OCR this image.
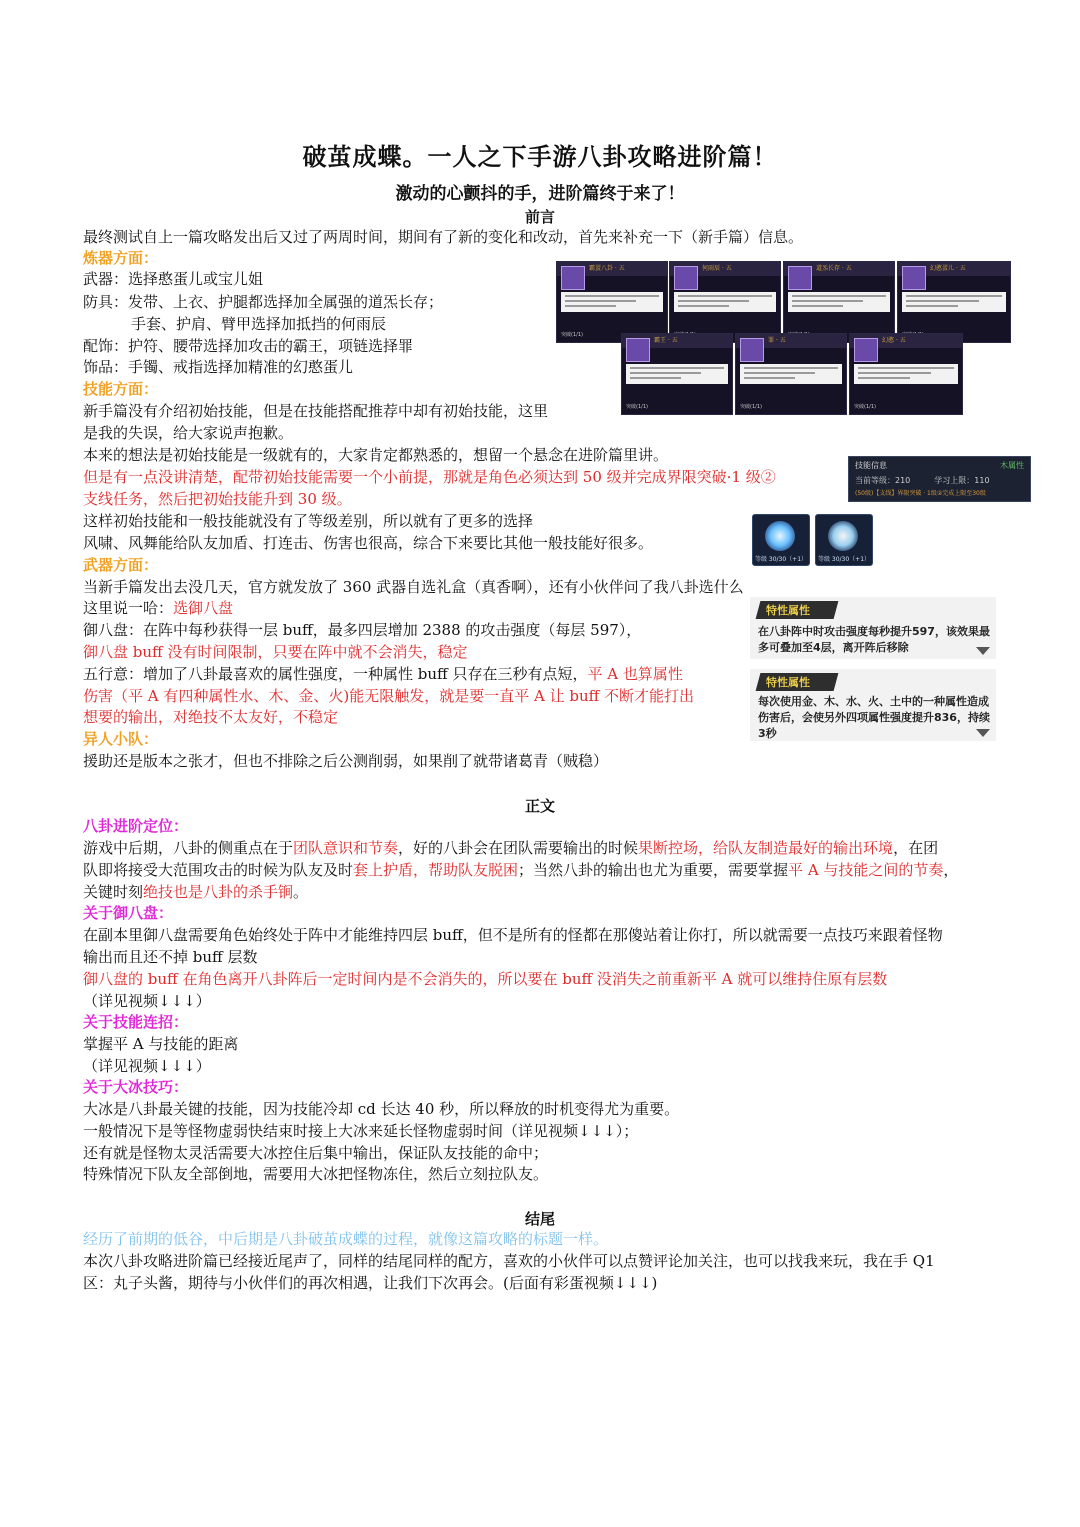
破茧成蝶。一人之下手游八卦攻略进阶篇！
激动的心颤抖的手，进阶篇终于来了！
前言
最终测试自上一篇攻略发出后又过了两周时间，期间有了新的变化和改动，首先来补充一下（新手篇）信息。
炼器方面：
武器：选择憨蛋儿或宝儿姐
防具：发带、上衣、护腿都选择加全属强的道炁长存；
手套、护肩、臂甲选择加抵挡的何雨辰
配饰：护符、腰带选择加攻击的霸王，项链选择罪
饰品：手镯、戒指选择加精准的幻憨蛋儿
技能方面：
新手篇没有介绍初始技能，但是在技能搭配推荐中却有初始技能，这里
是我的失误，给大家说声抱歉。
本来的想法是初始技能是一级就有的，大家肯定都熟悉的，想留一个悬念在进阶篇里讲。
但是有一点没讲清楚，配带初始技能需要一个小前提，那就是角色必须达到 50 级并完成界限突破·1 级②
支线任务，然后把初始技能升到 30 级。
这样初始技能和一般技能就没有了等级差别，所以就有了更多的选择
风啸、风舞能给队友加盾、打连击、伤害也很高，综合下来要比其他一般技能好很多。
武器方面：
当新手篇发出去没几天，官方就发放了 360 武器自选礼盒（真香啊），还有小伙伴问了我八卦选什么
这里说一哈：选御八盘
御八盘：在阵中每秒获得一层 buff，最多四层增加 2388 的攻击强度（每层 597），
御八盘 buff 没有时间限制，只要在阵中就不会消失，稳定
五行意：增加了八卦最喜欢的属性强度，一种属性 buff 只存在三秒有点短，平 A 也算属性
伤害（平 A 有四种属性水、木、金、火)能无限触发，就是要一直平 A 让 buff 不断才能打出
想要的输出，对绝技不太友好，不稳定
异人小队：
援助还是版本之张才，但也不排除之后公测削弱，如果削了就带诸葛青（贼稳）
正文
八卦进阶定位：
游戏中后期，八卦的侧重点在于团队意识和节奏，好的八卦会在团队需要输出的时候果断控场，给队友制造最好的输出环境，在团
队即将接受大范围攻击的时候为队友及时套上护盾，帮助队友脱困；当然八卦的输出也尤为重要，需要掌握平 A 与技能之间的节奏，
关键时刻绝技也是八卦的杀手锏。
关于御八盘：
在副本里御八盘需要角色始终处于阵中才能维持四层 buff，但不是所有的怪都在那傻站着让你打，所以就需要一点技巧来跟着怪物
输出而且还不掉 buff 层数
御八盘的 buff 在角色离开八卦阵后一定时间内是不会消失的，所以要在 buff 没消失之前重新平 A 就可以维持住原有层数
（详见视频↓↓↓）
关于技能连招：
掌握平 A 与技能的距离
（详见视频↓↓↓）
关于大冰技巧：
大冰是八卦最关键的技能，因为技能冷却 cd 长达 40 秒，所以释放的时机变得尤为重要。
一般情况下是等怪物虚弱快结束时接上大冰来延长怪物虚弱时间（详见视频↓↓↓）；
还有就是怪物太灵活需要大冰控住后集中输出，保证队友技能的命中；
特殊情况下队友全部倒地，需要用大冰把怪物冻住，然后立刻拉队友。
结尾
经历了前期的低谷，中后期是八卦破茧成蝶的过程，就像这篇攻略的标题一样。
本次八卦攻略进阶篇已经接近尾声了，同样的结尾同样的配方，喜欢的小伙伴可以点赞评论加关注，也可以找我来玩，我在手 Q1
区：丸子头酱，期待与小伙伴们的再次相遇，让我们下次再会。(后面有彩蛋视频↓↓↓)
霸蛋八卦 · 五
突破(1/1)
何雨辰 · 五	道炁长存 · 五	幻憨蛋儿 · 五
霸王 · 五
突破(1/1)
罪 · 五
突破(1/1)
幻憨 · 五
突破(1/1)
技能信息	木属性
当前等级：210　　　学习上限：110
(50级)【支线】界限突破 · 1级②完成上限至30级
等级 30/30（+1）	等级 30/30（+1）
特性属性
在八卦阵中时攻击强度每秒提升597，该效果最多可叠加至4层，离开阵后移除
特性属性
每次使用金、木、水、火、土中的一种属性造成伤害后，会使另外四项属性强度提升836，持续3秒
